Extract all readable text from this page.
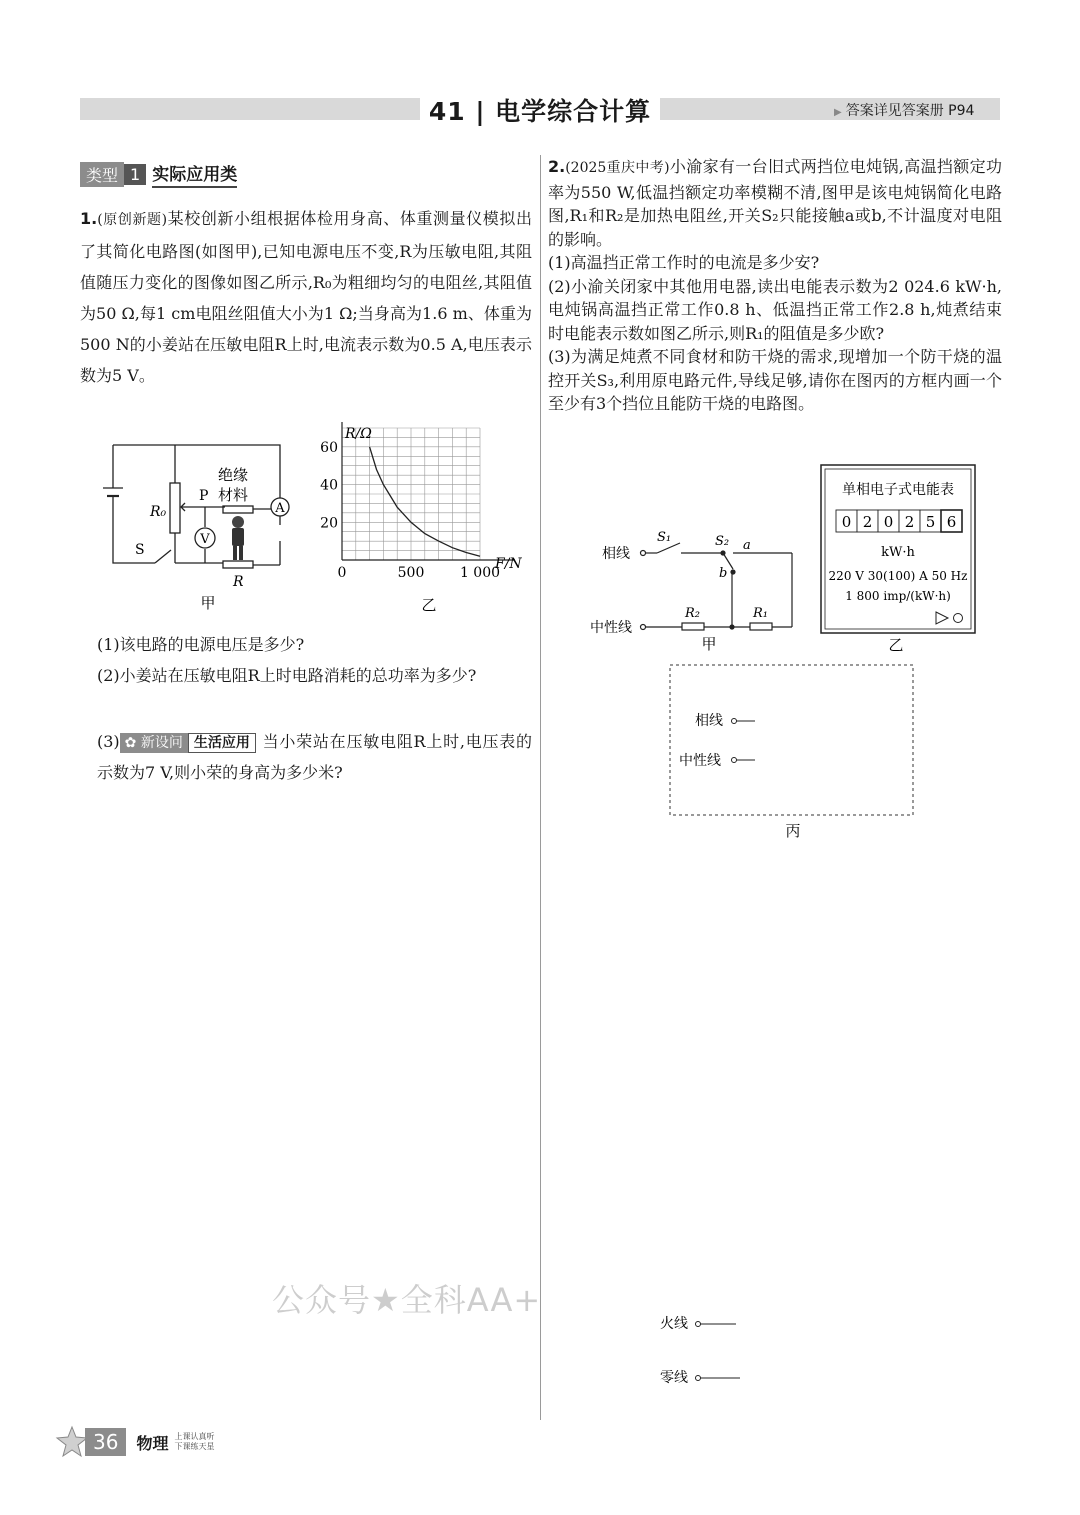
41 | 电学综合计算	▶ 答案详见答案册 P94
类型 1 实际应用类
1.(原创新题)某校创新小组根据体检用身高、体重测量仪模拟出了其简化电路图(如图甲),已知电源电压不变,R为压敏电阻,其阻值随压力变化的图像如图乙所示,R₀为粗细均匀的电阻丝,其阻值为50 Ω,每1 cm电阻丝阻值大小为1 Ω;当身高为1.6 m、体重为500 N的小姜站在压敏电阻R上时,电流表示数为0.5 A,电压表示数为5 V。
A
V
绝缘
材料
P
R₀
S
R
甲
0	500	1 000
20
40
60
R/Ω
F/N
乙
(1)该电路的电源电压是多少?
(2)小姜站在压敏电阻R上时电路消耗的总功率为多少?
(3) ✿ 新设问 生活应用 当小荣站在压敏电阻R上时,电压表的示数为7 V,则小荣的身高为多少米?
2.(2025重庆中考)小渝家有一台旧式两挡位电炖锅,高温挡额定功率为550 W,低温挡额定功率模糊不清,图甲是该电炖锅简化电路图,R₁和R₂是加热电阻丝,开关S₂只能接触a或b,不计温度对电阻的影响。
(1)高温挡正常工作时的电流是多少安?
(2)小渝关闭家中其他用电器,读出电能表示数为2 024.6 kW·h,电炖锅高温挡正常工作0.8 h、低温挡正常工作2.8 h,炖煮结束时电能表示数如图乙所示,则R₁的阻值是多少欧?
(3)为满足炖煮不同食材和防干烧的需求,现增加一个防干烧的温控开关S₃,利用原电路元件,导线足够,请你在图丙的方框内画一个至少有3个挡位且能防干烧的电路图。
相线
中性线
S₁	S₂ a
b
R₂	R₁
甲
单相电子式电能表
0 2 0 2 5 6
kW·h
220 V 30(100) A 50 Hz
1 800 imp/(kW·h)
乙
相线
中性线
丙
公众号★全科AA+
火线
零线
36	物理 上课认真听
下课练天星
